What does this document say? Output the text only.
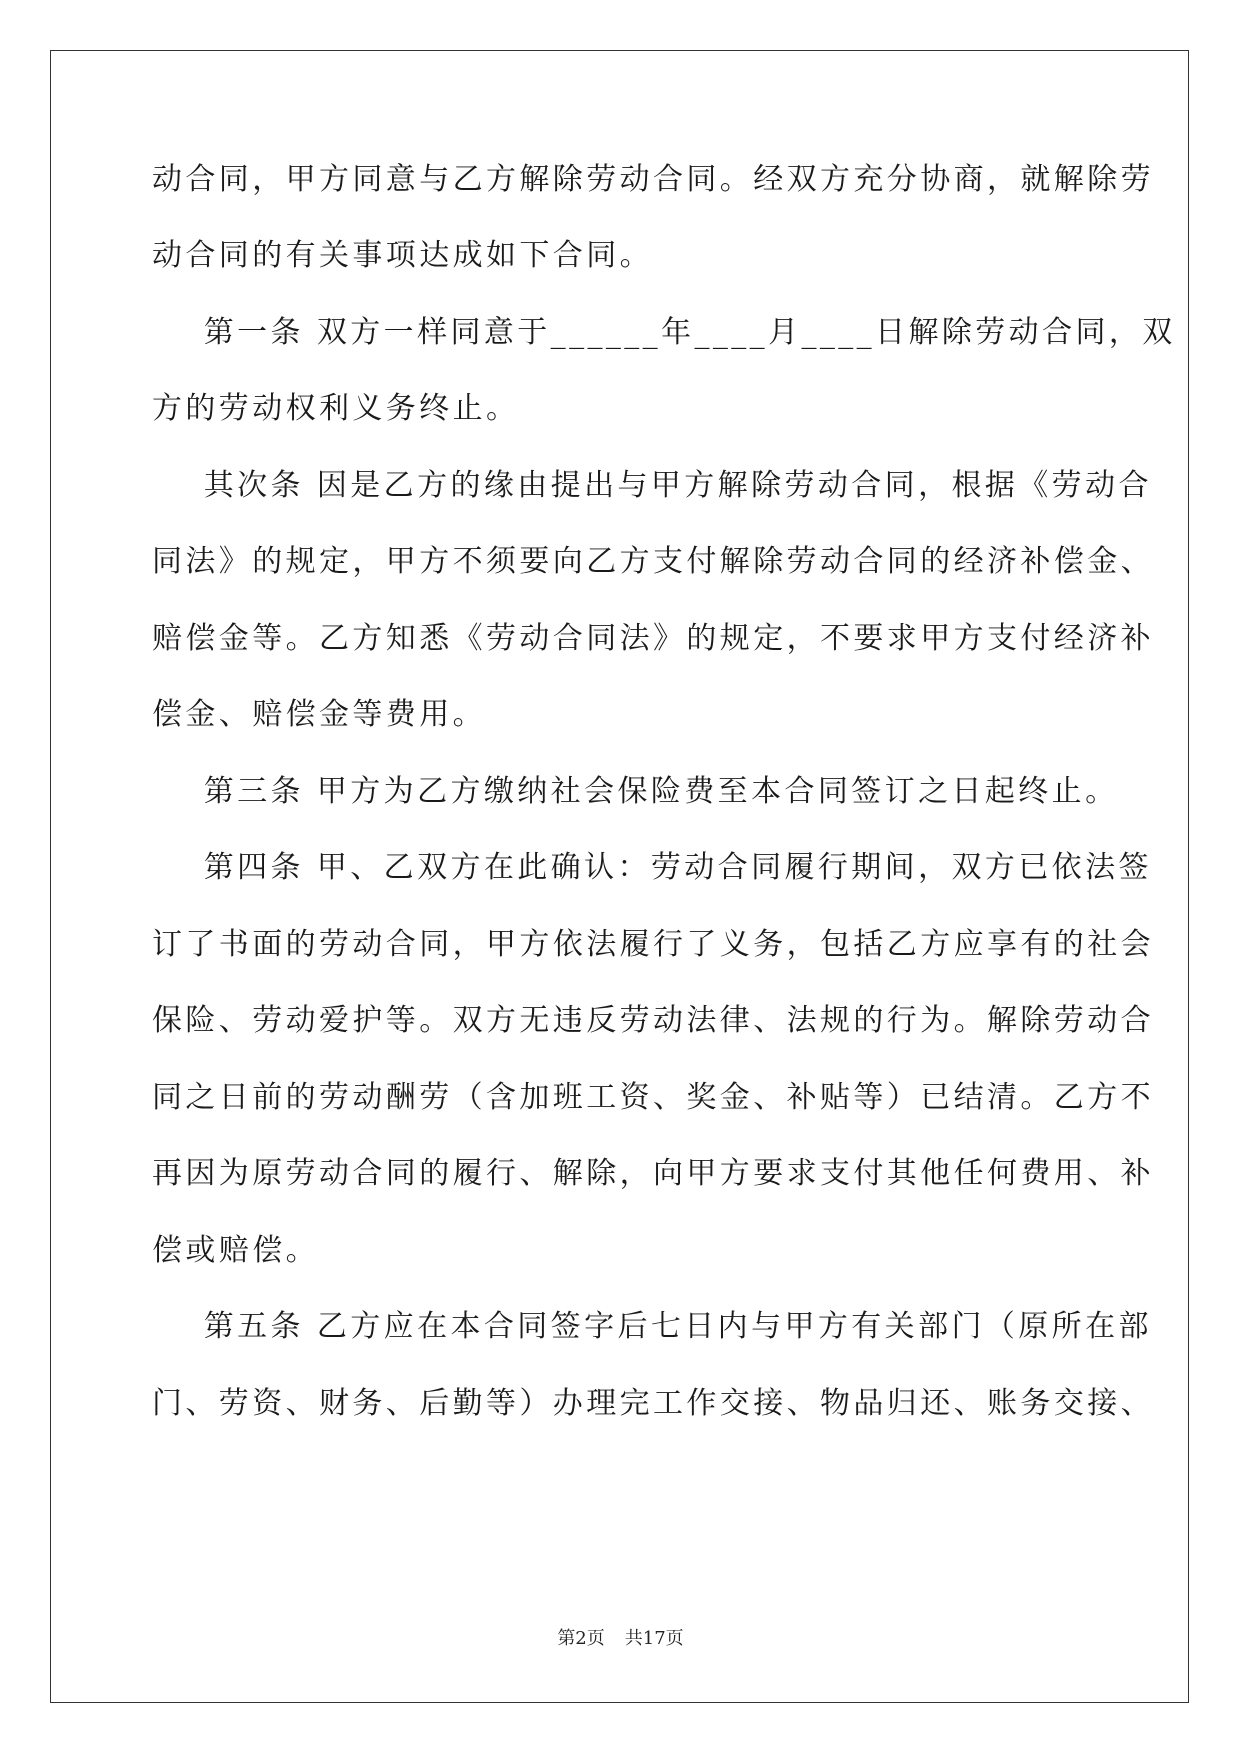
动合同，甲方同意与乙方解除劳动合同。经双方充分协商，就解除劳
动合同的有关事项达成如下合同。
第一条 双方一样同意于______年____月____日解除劳动合同，双
方的劳动权利义务终止。
其次条 因是乙方的缘由提出与甲方解除劳动合同，根据《劳动合
同法》的规定，甲方不须要向乙方支付解除劳动合同的经济补偿金、
赔偿金等。乙方知悉《劳动合同法》的规定，不要求甲方支付经济补
偿金、赔偿金等费用。
第三条 甲方为乙方缴纳社会保险费至本合同签订之日起终止。
第四条 甲、乙双方在此确认：劳动合同履行期间，双方已依法签
订了书面的劳动合同，甲方依法履行了义务，包括乙方应享有的社会
保险、劳动爱护等。双方无违反劳动法律、法规的行为。解除劳动合
同之日前的劳动酬劳（含加班工资、奖金、补贴等）已结清。乙方不
再因为原劳动合同的履行、解除，向甲方要求支付其他任何费用、补
偿或赔偿。
第五条 乙方应在本合同签字后七日内与甲方有关部门（原所在部
门、劳资、财务、后勤等）办理完工作交接、物品归还、账务交接、
第2页 共17页
